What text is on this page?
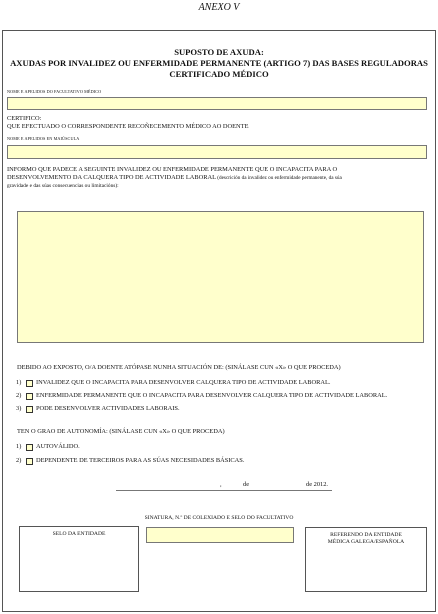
ANEXO V
SUPOSTO DE AXUDA:
AXUDAS POR INVALIDEZ OU ENFERMIDADE PERMANENTE (ARTIGO 7) DAS BASES REGULADORAS
CERTIFICADO MÉDICO
NOME E APELIDOS DO FACULTATIVO MÉDICO
CERTIFICO:
QUE EFECTUADO O CORRESPONDENTE RECOÑECEMENTO MÉDICO AO DOENTE
NOME E APELIDOS EN MAIÚSCULA
INFORMO QUE PADECE A SEGUINTE INVALIDEZ OU ENFERMIDADE PERMANENTE QUE O INCAPACITA PARA O
DESENVOLVEMENTO DA CALQUERA TIPO DE ACTIVIDADE LABORAL (descrición da invalidez ou enfermidade permanente, da súa
gravidade e das súas consecuencias ou limitacións):
DEBIDO AO EXPOSTO, O/A DOENTE ATÓPASE NUNHA SITUACIÓN DE: (SINÁLASE CUN «X» O QUE PROCEDA)
1) INVALIDEZ QUE O INCAPACITA PARA DESENVOLVER CALQUERA TIPO DE ACTIVIDADE LABORAL.
2) ENFERMIDADE PERMANENTE QUE O INCAPACITA PARA DESENVOLVER CALQUERA TIPO DE ACTIVIDADE LABORAL.
3) PODE DESENVOLVER ACTIVIDADES LABORAIS.
TEN O GRAO DE AUTONOMÍA: (SINÁLASE CUN «X» O QUE PROCEDA)
1) AUTOVÁLIDO.
2) DEPENDENTE DE TERCEIROS PARA AS SÚAS NECESIDADES BÁSICAS.
,	de	de 2012.
SINATURA, N.º DE COLEXIADO E SELO DO FACULTATIVO
SELO DA ENTIDADE	REFERENDO DA ENTIDADE
MÉDICA GALEGA/ESPAÑOLA
